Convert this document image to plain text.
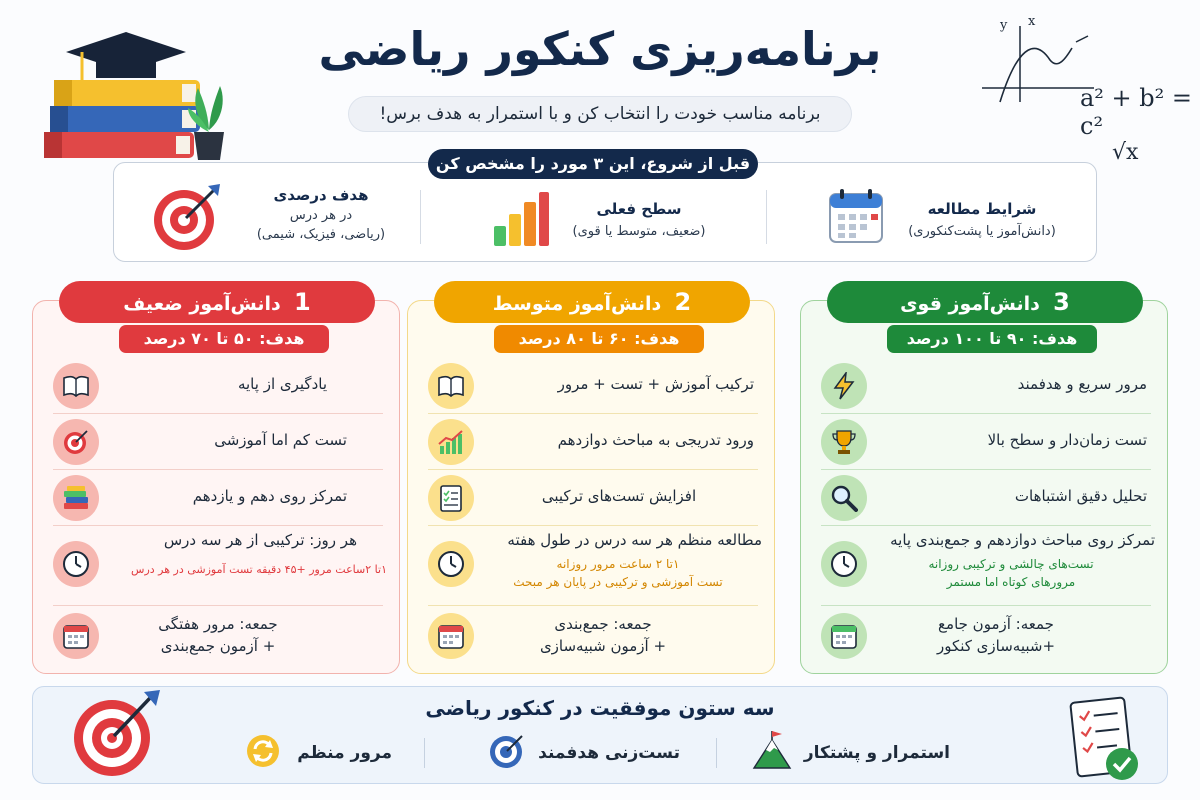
برنامه‌ریزی کنکور ریاضی
برنامه مناسب خودت را انتخاب کن و با استمرار به هدف برس!
y x
a² + b² = c²
√x
قبل از شروع، این ۳ مورد را مشخص کن
شرایط مطالعه
(دانش‌آموز یا پشت‌کنکوری)
سطح فعلی
(ضعیف، متوسط یا قوی)
هدف درصدی
در هر درس
(ریاضی، فیزیک، شیمی)
3  دانش‌آموز قوی
هدف: ۹۰ تا ۱۰۰ درصد
مرور سریع و هدفمند
تست زمان‌دار و سطح بالا
تحلیل دقیق اشتباهات
تمرکز روی مباحث دوازدهم و جمع‌بندی پایه
تست‌های چالشی و ترکیبی روزانه
مرورهای کوتاه اما مستمر
جمعه: آزمون جامع
+شبیه‌سازی کنکور
2  دانش‌آموز متوسط
هدف: ۶۰ تا ۸۰ درصد
ترکیب آموزش + تست + مرور
ورود تدریجی به مباحث دوازدهم
افزایش تست‌های ترکیبی
مطالعه منظم هر سه درس در طول هفته
۱تا ۲ ساعت مرور روزانه
تست آموزشی و ترکیبی در پایان هر مبحث
جمعه: جمع‌بندی
+ آزمون شبیه‌سازی
1  دانش‌آموز ضعیف
هدف: ۵۰ تا ۷۰ درصد
یادگیری از پایه
تست کم اما آموزشی
تمرکز روی دهم و یازدهم
هر روز: ترکیبی از هر سه درس
۱تا ۲ساعت مرور +۴۵ دقیقه تست آموزشی در هر درس
جمعه: مرور هفتگی
+ آزمون جمع‌بندی
سه ستون موفقیت در کنکور ریاضی
استمرار و پشتکار
تست‌زنی هدفمند
مرور منظم
